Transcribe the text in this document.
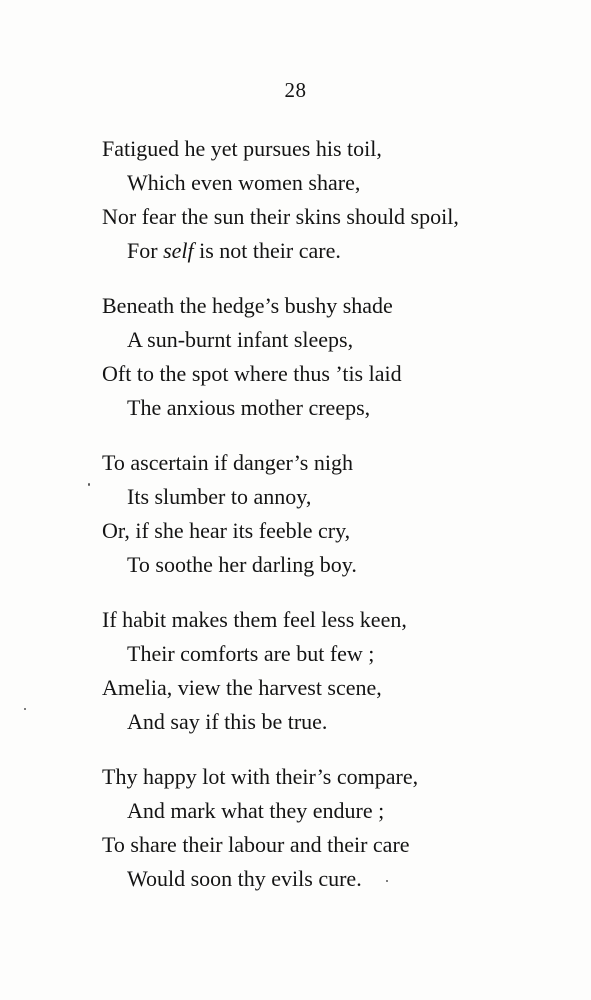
28
Fatigued he yet pursues his toil,
Which even women share,
Nor fear the sun their skins should spoil,
For self is not their care.
Beneath the hedge’s bushy shade
A sun-burnt infant sleeps,
Oft to the spot where thus ’tis laid
The anxious mother creeps,
To ascertain if danger’s nigh
Its slumber to annoy,
Or, if she hear its feeble cry,
To soothe her darling boy.
If habit makes them feel less keen,
Their comforts are but few ;
Amelia, view the harvest scene,
And say if this be true.
Thy happy lot with their’s compare,
And mark what they endure ;
To share their labour and their care
Would soon thy evils cure.
